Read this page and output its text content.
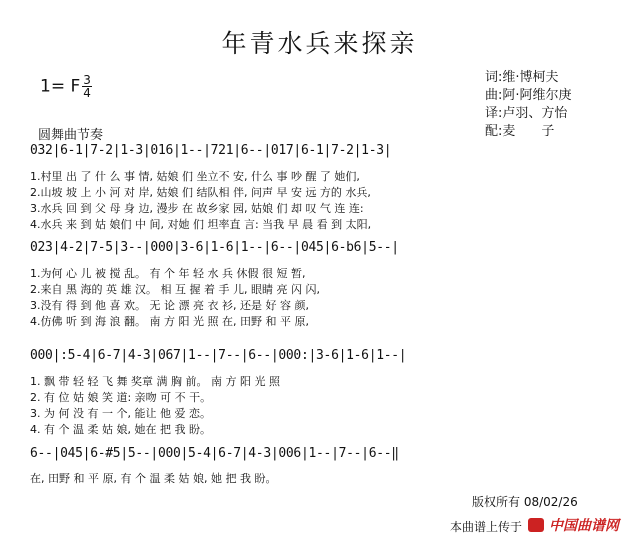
年青水兵来探亲
1= F $\frac{3}{4}$	词:维·博柯夫
曲:阿·阿维尔庚
译:卢羽、方怡
配:麦　　子
圆舞曲节奏
032|6-1|7-2|1-3|016|1--|721|6--|017|6-1|7-2|1-3|
1.村里 出 了 什 么 事 情, 姑娘 们 坐立不 安, 什么 事 吵 醒 了 她们,
2.山坡 坡 上 小 河 对 岸, 姑娘 们 结队相 伴, 问声 早 安 远 方的 水兵,
3.水兵 回 到 父 母 身 边, 漫步 在 故乡家 园, 姑娘 们 却 叹 气 连 连:
4.水兵 来 到 姑 娘们 中 间, 对她 们 坦率直 言: 当我 早 晨 看 到 太阳,
023|4-2|7-5|3--|000|3-6|1-6|1--|6--|045|6-b6|5--|
1.为何 心 儿 被 搅 乱。 有 个 年 轻 水 兵 休假 很 短 暂,
2.来自 黑 海的 英 雄 汉。 相 互 握 着 手 儿, 眼睛 亮 闪 闪,
3.没有 得 到 他 喜 欢。 无 论 漂 亮 衣 衫, 还是 好 容 颜,
4.仿佛 听 到 海 浪 翻。 南 方 阳 光 照 在, 田野 和 平 原,
000|:5-4|6-7|4-3|067|1--|7--|6--|000:|3-6|1-6|1--|
1. 飘 带 轻 轻 飞 舞 奖章 满 胸 前。 南 方 阳 光 照
2. 有 位 姑 娘 笑 道: 亲吻 可 不 干。
3. 为 何 没 有 一 个, 能让 他 爱 恋。
4. 有 个 温 柔 姑 娘, 她在 把 我 盼。
6--|045|6-#5|5--|000|5-4|6-7|4-3|006|1--|7--|6--‖
在, 田野 和 平 原, 有 个 温 柔 姑 娘, 她 把 我 盼。
版权所有 08/02/26
本曲谱上传于 中国曲谱网
